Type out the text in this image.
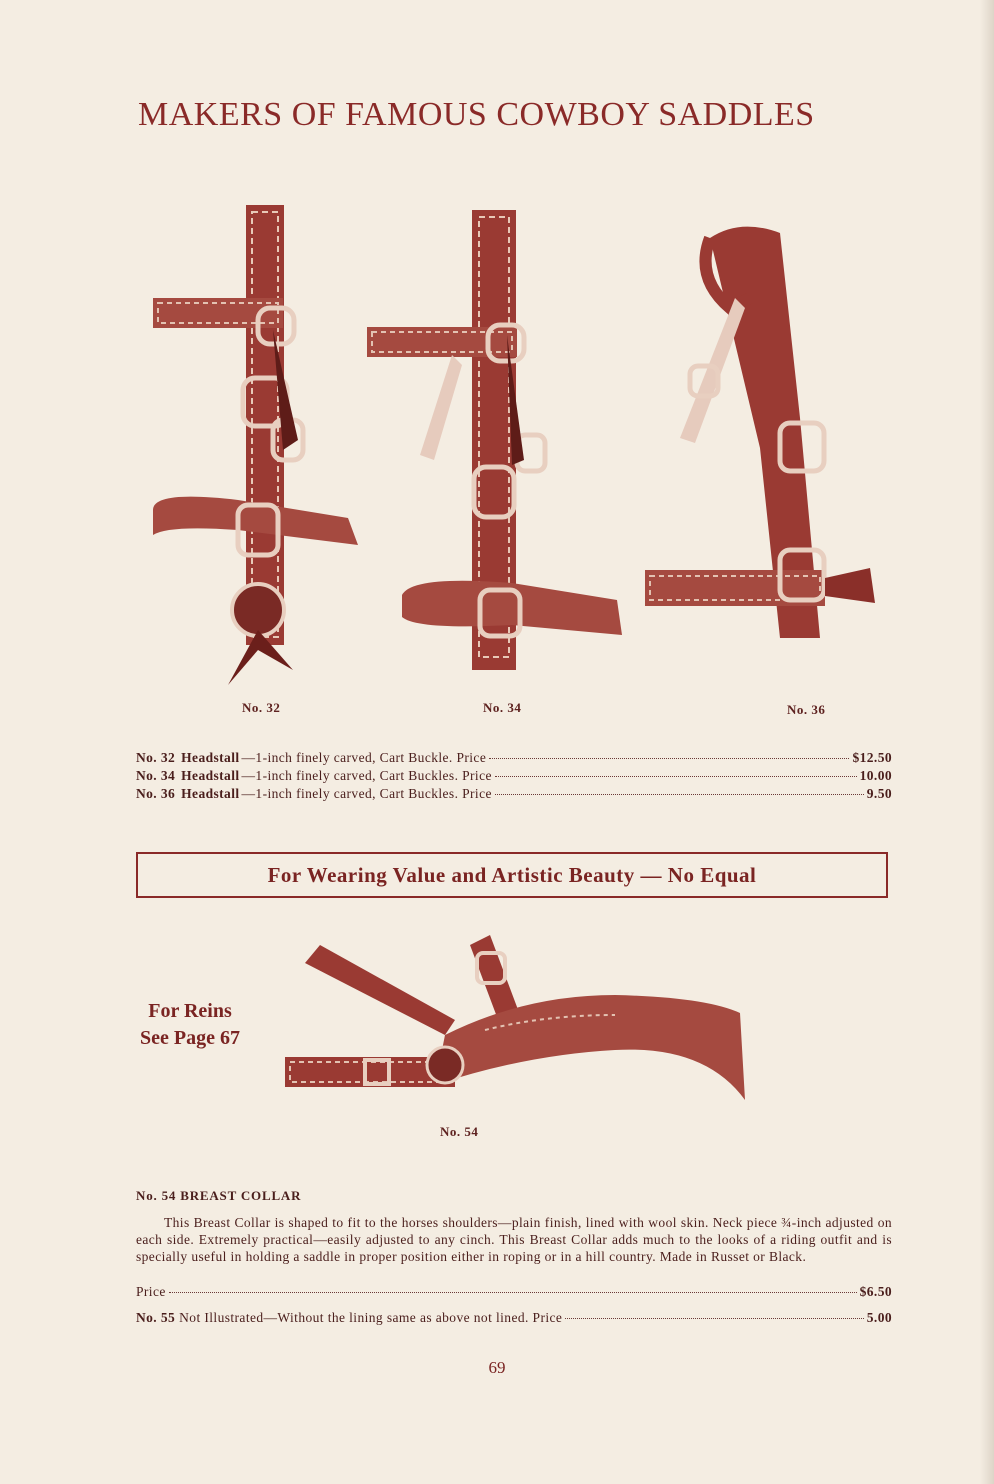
MAKERS OF FAMOUS COWBOY SADDLES
No. 32	No. 34	No. 36
No. 32 Headstall —1-inch finely carved, Cart Buckle. Price	$12.50
No. 34 Headstall —1-inch finely carved, Cart Buckles. Price	10.00
No. 36 Headstall —1-inch finely carved, Cart Buckles. Price	9.50
For Wearing Value and Artistic Beauty — No Equal
For Reins
See Page 67
No. 54
No. 54 BREAST COLLAR
This Breast Collar is shaped to fit to the horses shoulders—plain finish, lined with wool skin. Neck piece ¾-inch adjusted on each side. Extremely practical—easily adjusted to any cinch. This Breast Collar adds much to the looks of a riding outfit and is specially useful in holding a saddle in proper position either in roping or in a hill country. Made in Russet or Black.
Price	$6.50
No. 55 Not Illustrated—Without the lining same as above not lined. Price	5.00
69
